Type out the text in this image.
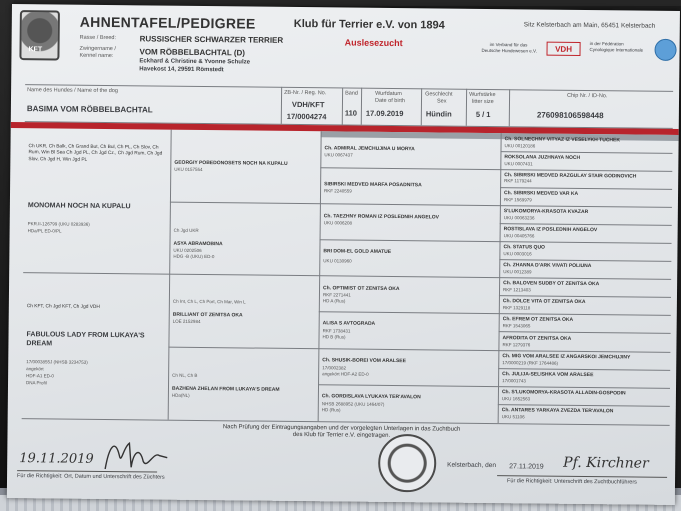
KFT
AHNENTAFEL/PEDIGREE
Rasse / Breed:	RUSSISCHER SCHWARZER TERRIER
Zwingername /
Kennel name:	VOM RÖBBELBACHTAL (D)
Eckhard & Christine & Yvonne Schulze
Havekost 14, 29591 Römstedt
Klub für Terrier e.V. von 1894
Auslesezucht
Sitz Kelsterbach am Main, 65451 Kelsterbach
im Verband für das
Deutsche Hundewesen e.V.	VDH
in der Fédération
Cynologique Internationale
Name des Hundes / Name of the dog
BASIMA VOM RÖBBELBACHTAL
ZB-Nr. / Reg. No.
VDH/KFT
17/0004274
Band
110
Wurfdatum
Date of birth
17.09.2019
Geschlecht
Sex
Hündin
Wurfstärke
litter size
5 / 1
Chip Nr. / ID-No.
276098106598448
Ch UKR, Ch Balk, Ch Grand But, Ch Bul, Ch PL, Ch Slov, Ch Rum, Win Bl Sea Ch Jgd PL, Ch Jgd Cz., Ch Jgd Rum, Ch Jgd Slov, Ch Jgd H, Win Jgd PL
MONOMAH NOCH NA KUPALU
PKR.II-126799 (UKU 0283936)
HDa/PL ED-0/PL
Ch KFT, Ch Jgd KFT, Ch Jgd VDH
FABULOUS LADY FROM LUKAYA'S DREAM
17/0003855J (NHSB 3234753)
angekört
HDF-A1 ED-0
DNA Profil
GEORGIY POBEDONOSETS NOCH NA KUPALU
UKU 0157554
Ch Jgd UKR
ASYA ABRAMOBINA
UKU 0202506
HDG -B (UKU) ED-0
Ch Int, Ch L, Ch Port, Ch Mar, Win L
BRILLIANT OT ZENITSA OKA
LOE 2152984
Ch NL, Ch B
BAZHENA ZHELAN FROM LUKAYA'S DREAM
HDa(NL)
Ch. ADMIRAL JEMCHUJINA U MORYA
UKU 0067437
SIBIRSKI MEDVED MARFA POSADNITSA
RKF 2240559
Ch. TAEZHNY ROMAN IZ POSLEDNIH ANGELOV
UKU 0006208
BRI DOM-EL GOLD AMATUE
UKU 0130960
Ch. OPTIMIST OT ZENITSA OKA
RKF 2271441
HD A (Rus)
ALISA S AVTOGRADA
RKF 1738431
HD B (Rus)
Ch. SHUSIK-BOREI VOM ARALSEE
17/0002382
angekört HDF-A2 ED-0
Ch. GORDISLAVA LYUKAYA TER'AVALON
NHSB 2688952 (UKU 1464/07)
HD (Rus)
Ch. SOLNECHNY VITYAZ IZ VESELYKH TUCHEK
UKU 00120186
ROKSOLANA JUZHNAYA NOCH
UKU 0007431
Ch. SIBIRSKI MEDVED RAZGULAY STAIR GODINOVICH
RKF 1179244
Ch. SIBIRSKI MEDVED VAR KA
RKF 1569979
S'LUKOMORYA-KRASOTA KVAZAR
UKU 00063236
ROSTISLAVA IZ POSLEDNIH ANGELOV
UKU 00405766
Ch. STATUS QUO
UKU 0003016
Ch. ZHANNA D'ARK VIVATI POLIUNA
UKU 0012389
Ch. BALOVEN SUDBY OT ZENITSA OKA
RKF 1213403
Ch. DOLCE VITA OT ZENITSA OKA
RKF 1329118
Ch. EFREM OT ZENITSA OKA
RKF 1543065
AFRODITA OT ZENITSA OKA
RKF 1279376
Ch. MIG VOM ARALSEE IZ ANGARSKOI JEMCHUJINY
17/0000219 (RKF 1764486)
Ch. JULIJA-SELISHKA VOM ARALSEE
17/0001743
Ch. S'LUKOMORYA-KRASOTA ALLADIN-GOSPODIN
UKU 1652563
Ch. ANTARES YARKAYA ZVEZDA TER'AVALON
UKU 51106
Nach Prüfung der Eintragungsangaben und der vorgelegten Unterlagen in das Zuchtbuch
des Klub für Terrier e.V. eingetragen.
19.11.2019
Für die Richtigkeit: Ort, Datum und Unterschrift des Züchters
Kelsterbach, den 27.11.2019 Pf. Kirchner
Für die Richtigkeit: Unterschrift des Zuchtbuchführers
